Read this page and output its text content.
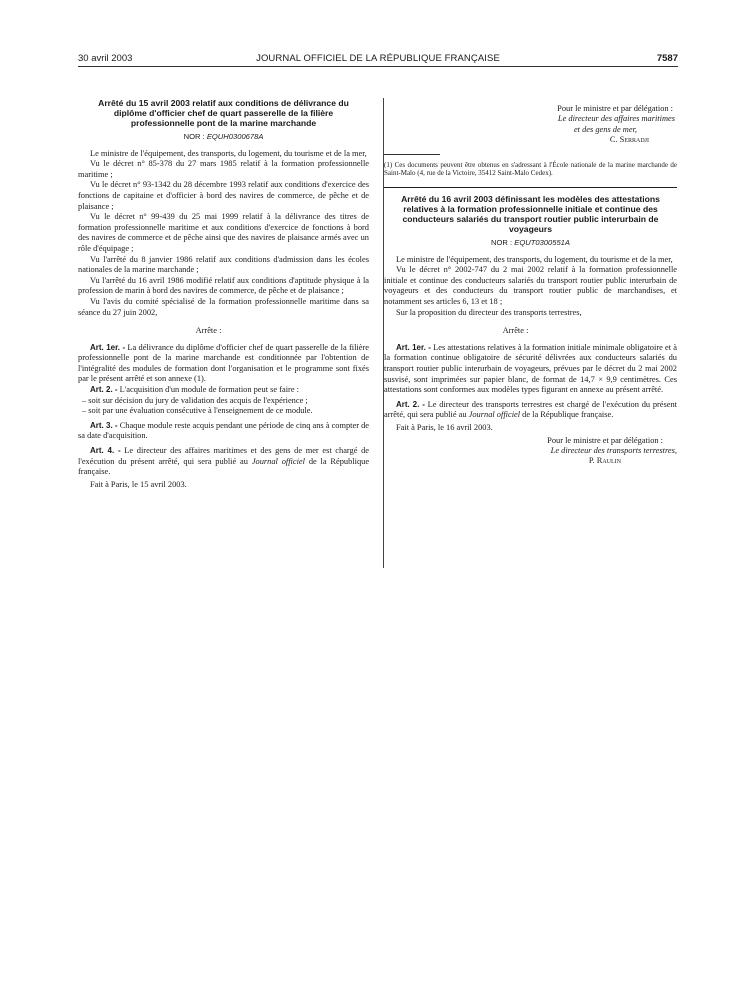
30 avril 2003	JOURNAL OFFICIEL DE LA RÉPUBLIQUE FRANÇAISE	7587
Arrêté du 15 avril 2003 relatif aux conditions de délivrance du diplôme d'officier chef de quart passerelle de la filière professionnelle pont de la marine marchande
NOR : EQUH0300678A

Le ministre de l'équipement, des transports, du logement, du tourisme et de la mer,

Vu le décret n° 85-378 du 27 mars 1985 relatif à la formation professionnelle maritime ;

Vu le décret n° 93-1342 du 28 décembre 1993 relatif aux conditions d'exercice des fonctions de capitaine et d'officier à bord des navires de commerce, de pêche et de plaisance ;

Vu le décret n° 99-439 du 25 mai 1999 relatif à la délivrance des titres de formation professionnelle maritime et aux conditions d'exercice de fonctions à bord des navires de commerce et de pêche ainsi que des navires de plaisance armés avec un rôle d'équipage ;

Vu l'arrêté du 8 janvier 1986 relatif aux conditions d'admission dans les écoles nationales de la marine marchande ;

Vu l'arrêté du 16 avril 1986 modifié relatif aux conditions d'aptitude physique à la profession de marin à bord des navires de commerce, de pêche et de plaisance ;

Vu l'avis du comité spécialisé de la formation professionnelle maritime dans sa séance du 27 juin 2002,

Arrête :

Art. 1er. - La délivrance du diplôme d'officier chef de quart passerelle de la filière professionnelle pont de la marine marchande est conditionnée par l'obtention de l'intégralité des modules de formation dont l'organisation et le programme sont fixés par le présent arrêté et son annexe (1).

Art. 2. - L'acquisition d'un module de formation peut se faire :

– soit sur décision du jury de validation des acquis de l'expérience ;
– soit par une évaluation consécutive à l'enseignement de ce module.

Art. 3. - Chaque module reste acquis pendant une période de cinq ans à compter de sa date d'acquisition.

Art. 4. - Le directeur des affaires maritimes et des gens de mer est chargé de l'exécution du présent arrêté, qui sera publié au Journal officiel de la République française.

Fait à Paris, le 15 avril 2003.

Pour le ministre et par délégation :
Le directeur des affaires maritimes
et des gens de mer,
C. Serradji
(1) Ces documents peuvent être obtenus en s'adressant à l'École nationale de la marine marchande de Saint-Malo (4, rue de la Victoire, 35412 Saint-Malo Cedex).
Arrêté du 16 avril 2003 définissant les modèles des attestations relatives à la formation professionnelle initiale et continue des conducteurs salariés du transport routier public interurbain de voyageurs
NOR : EQUT0300551A

Le ministre de l'équipement, des transports, du logement, du tourisme et de la mer,

Vu le décret n° 2002-747 du 2 mai 2002 relatif à la formation professionnelle initiale et continue des conducteurs salariés du transport routier public interurbain de voyageurs et des conducteurs du transport routier public de marchandises, et notamment ses articles 6, 13 et 18 ;

Sur la proposition du directeur des transports terrestres,

Arrête :

Art. 1er. - Les attestations relatives à la formation initiale minimale obligatoire et à la formation continue obligatoire de sécurité délivrées aux conducteurs salariés du transport routier public interurbain de voyageurs, prévues par le décret du 2 mai 2002 susvisé, sont imprimées sur papier blanc, de format de 14,7 × 9,9 centimètres. Ces attestations sont conformes aux modèles types figurant en annexe au présent arrêté.

Art. 2. - Le directeur des transports terrestres est chargé de l'exécution du présent arrêté, qui sera publié au Journal officiel de la République française.

Fait à Paris, le 16 avril 2003.

Pour le ministre et par délégation :
Le directeur des transports terrestres,
P. Raulin
